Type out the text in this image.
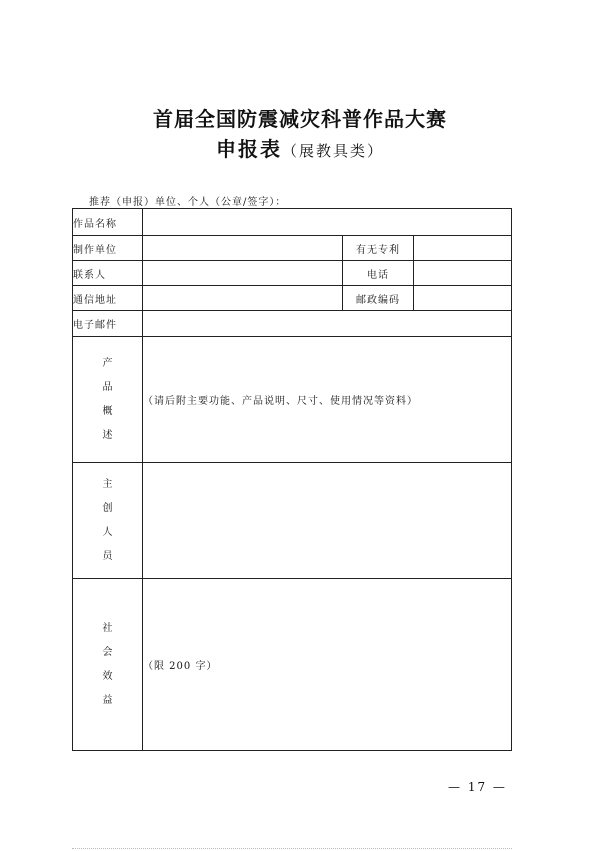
首届全国防震减灾科普作品大赛
申报表（展教具类）
推荐（申报）单位、个人（公章/签字）：
作品名称			
制作单位		有无专利	
联系人		电话	
通信地址		邮政编码	
电子邮件			
产品概述	（请后附主要功能、产品说明、尺寸、使用情况等资料）		
主创人员			
社会效益	（限 200 字）		
— 17 —
